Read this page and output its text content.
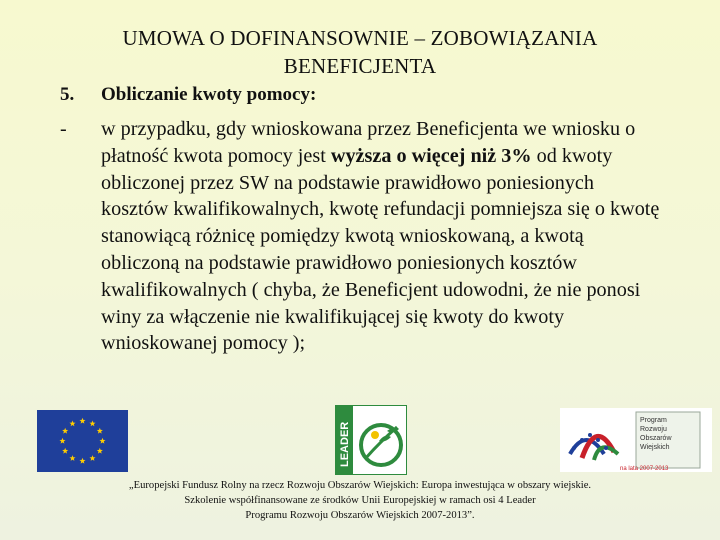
UMOWA O DOFINANSOWNIE – ZOBOWIĄZANIA
BENEFICJENTA
5. Obliczanie kwoty pomocy:
- w przypadku, gdy wnioskowana przez Beneficjenta we wniosku o płatność kwota pomocy jest wyższa o więcej niż 3% od kwoty obliczonej przez SW na podstawie prawidłowo poniesionych kosztów kwalifikowalnych, kwotę refundacji pomniejsza się o kwotę stanowiącą różnicę pomiędzy kwotą wnioskowaną, a kwotą obliczoną na podstawie prawidłowo poniesionych kosztów kwalifikowalnych ( chyba, że Beneficjent udowodni, że nie ponosi winy za włączenie nie kwalifikującej się kwoty do kwoty wnioskowanej pomocy );
LEADER
Program Rozwoju Obszarów Wiejskich
na lata 2007-2013
„Europejski Fundusz Rolny na rzecz Rozwoju Obszarów Wiejskich: Europa inwestująca w obszary wiejskie.
Szkolenie współfinansowane ze środków Unii Europejskiej w ramach osi 4 Leader
Programu Rozwoju Obszarów Wiejskich 2007-2013”.
